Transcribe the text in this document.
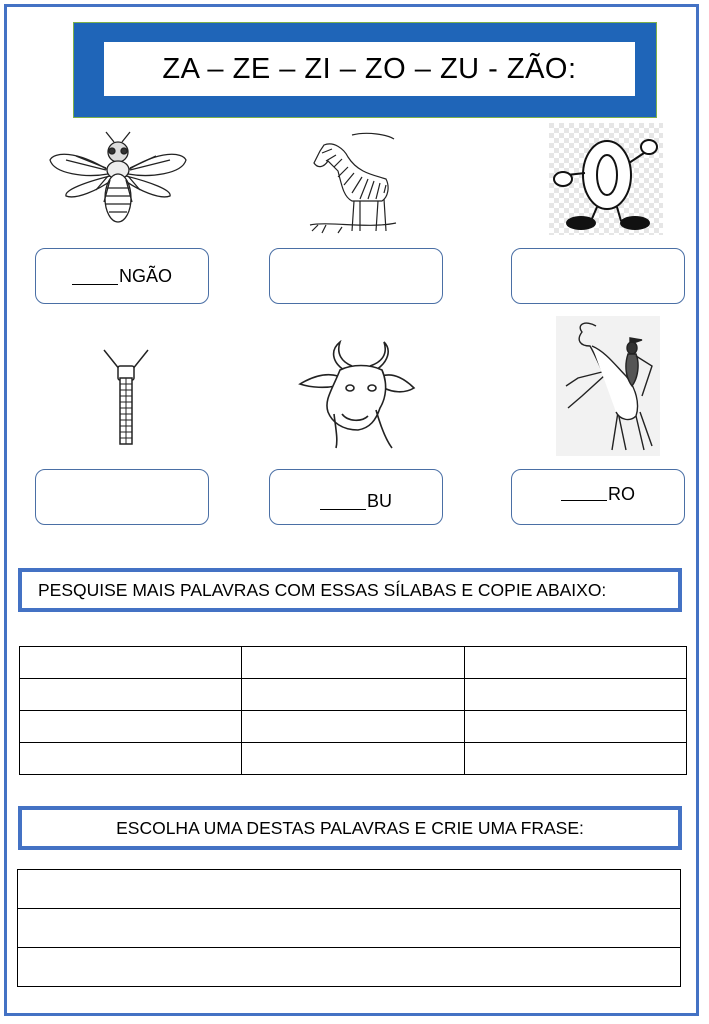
ZA – ZE – ZI – ZO – ZU - ZÃO:
NGÃO
BU	RO
PESQUISE MAIS PALAVRAS COM ESSAS SÍLABAS E COPIE ABAIXO:

ESCOLHA UMA DESTAS PALAVRAS E CRIE UMA FRASE:
